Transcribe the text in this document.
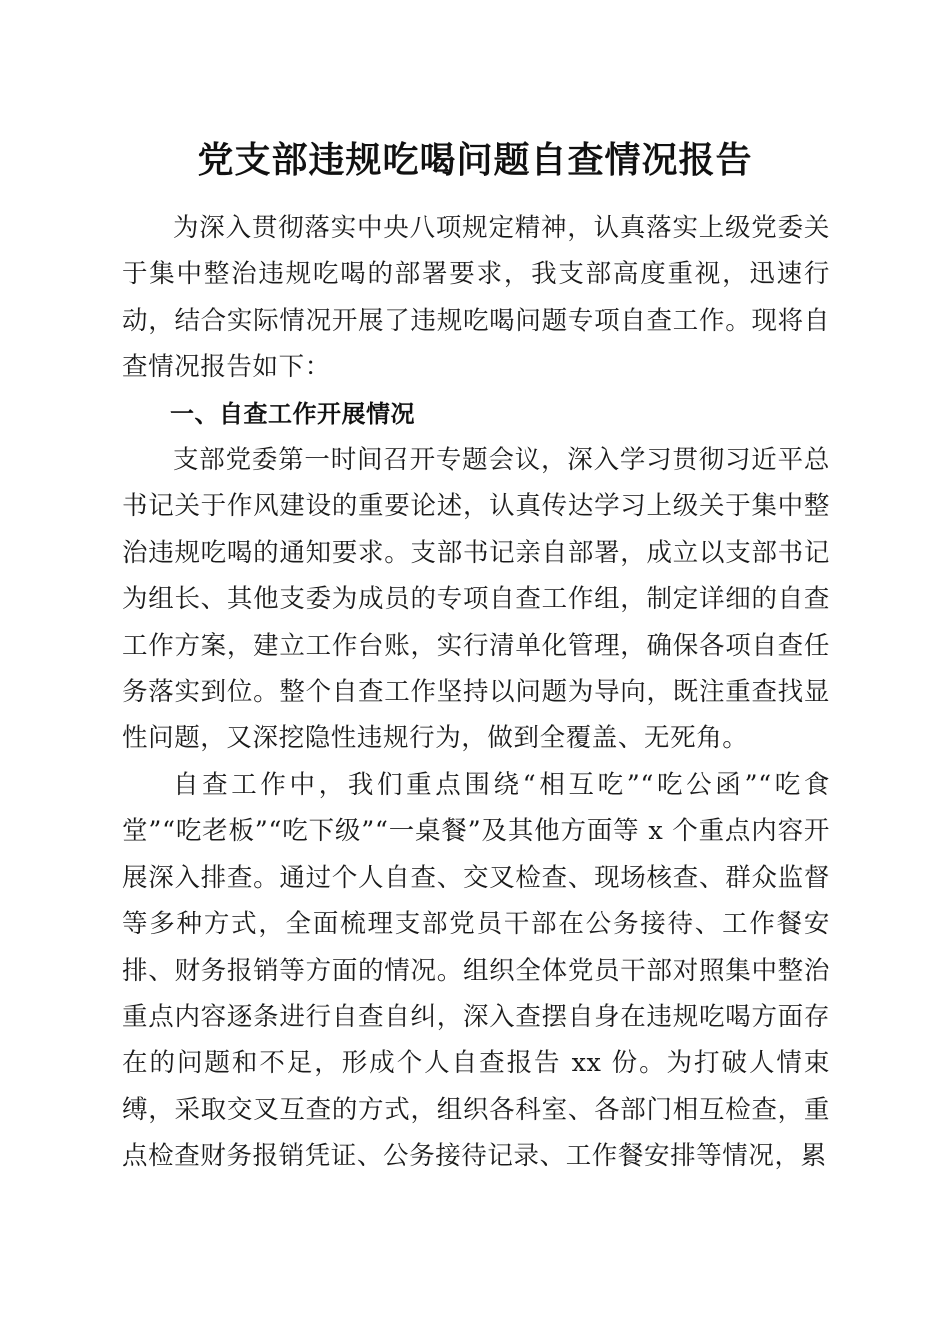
党支部违规吃喝问题自查情况报告

为深入贯彻落实中央八项规定精神，认真落实上级党委关于集中整治违规吃喝的部署要求，我支部高度重视，迅速行动，结合实际情况开展了违规吃喝问题专项自查工作。现将自查情况报告如下：

一、自查工作开展情况

支部党委第一时间召开专题会议，深入学习贯彻习近平总书记关于作风建设的重要论述，认真传达学习上级关于集中整治违规吃喝的通知要求。支部书记亲自部署，成立以支部书记为组长、其他支委为成员的专项自查工作组，制定详细的自查工作方案，建立工作台账，实行清单化管理，确保各项自查任务落实到位。整个自查工作坚持以问题为导向，既注重查找显性问题，又深挖隐性违规行为，做到全覆盖、无死角。

自查工作中，我们重点围绕“相互吃”“吃公函”“吃食堂”“吃老板”“吃下级”“一桌餐”及其他方面等 x 个重点内容开展深入排查。通过个人自查、交叉检查、现场核查、群众监督等多种方式，全面梳理支部党员干部在公务接待、工作餐安排、财务报销等方面的情况。组织全体党员干部对照集中整治重点内容逐条进行自查自纠，深入查摆自身在违规吃喝方面存在的问题和不足，形成个人自查报告 xx 份。为打破人情束缚，采取交叉互查的方式，组织各科室、各部门相互检查，重点检查财务报销凭证、公务接待记录、工作餐安排等情况，累
